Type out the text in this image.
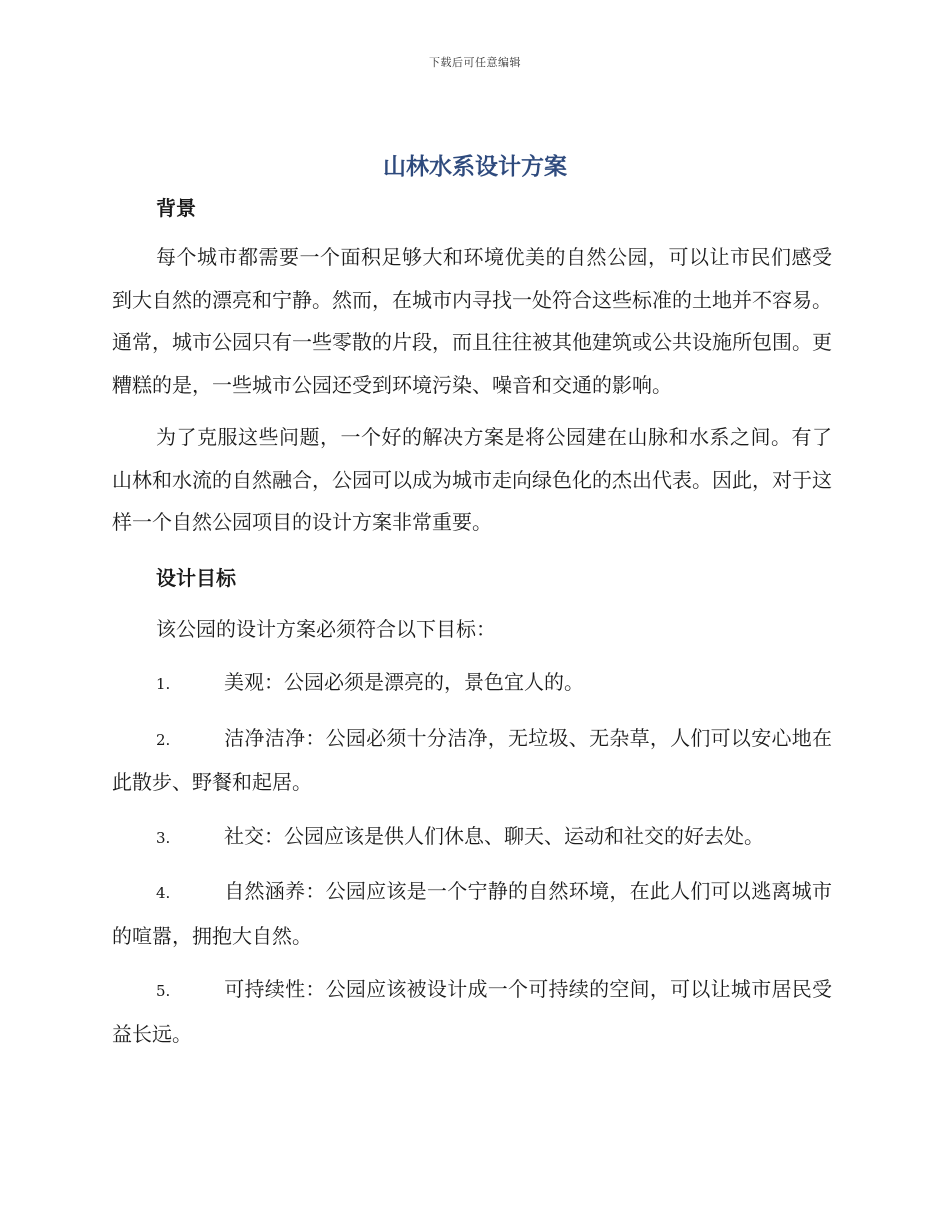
下载后可任意编辑
山林水系设计方案
背景

每个城市都需要一个面积足够大和环境优美的自然公园，可以让市民们感受到大自然的漂亮和宁静。然而，在城市内寻找一处符合这些标准的土地并不容易。通常，城市公园只有一些零散的片段，而且往往被其他建筑或公共设施所包围。更糟糕的是，一些城市公园还受到环境污染、噪音和交通的影响。

为了克服这些问题，一个好的解决方案是将公园建在山脉和水系之间。有了山林和水流的自然融合，公园可以成为城市走向绿色化的杰出代表。因此，对于这样一个自然公园项目的设计方案非常重要。

设计目标

该公园的设计方案必须符合以下目标：

1.	美观：公园必须是漂亮的，景色宜人的。

2.	洁净洁净：公园必须十分洁净，无垃圾、无杂草，人们可以安心地在此散步、野餐和起居。

3.	社交：公园应该是供人们休息、聊天、运动和社交的好去处。

4.	自然涵养：公园应该是一个宁静的自然环境，在此人们可以逃离城市的喧嚣，拥抱大自然。

5.	可持续性：公园应该被设计成一个可持续的空间，可以让城市居民受益长远。
